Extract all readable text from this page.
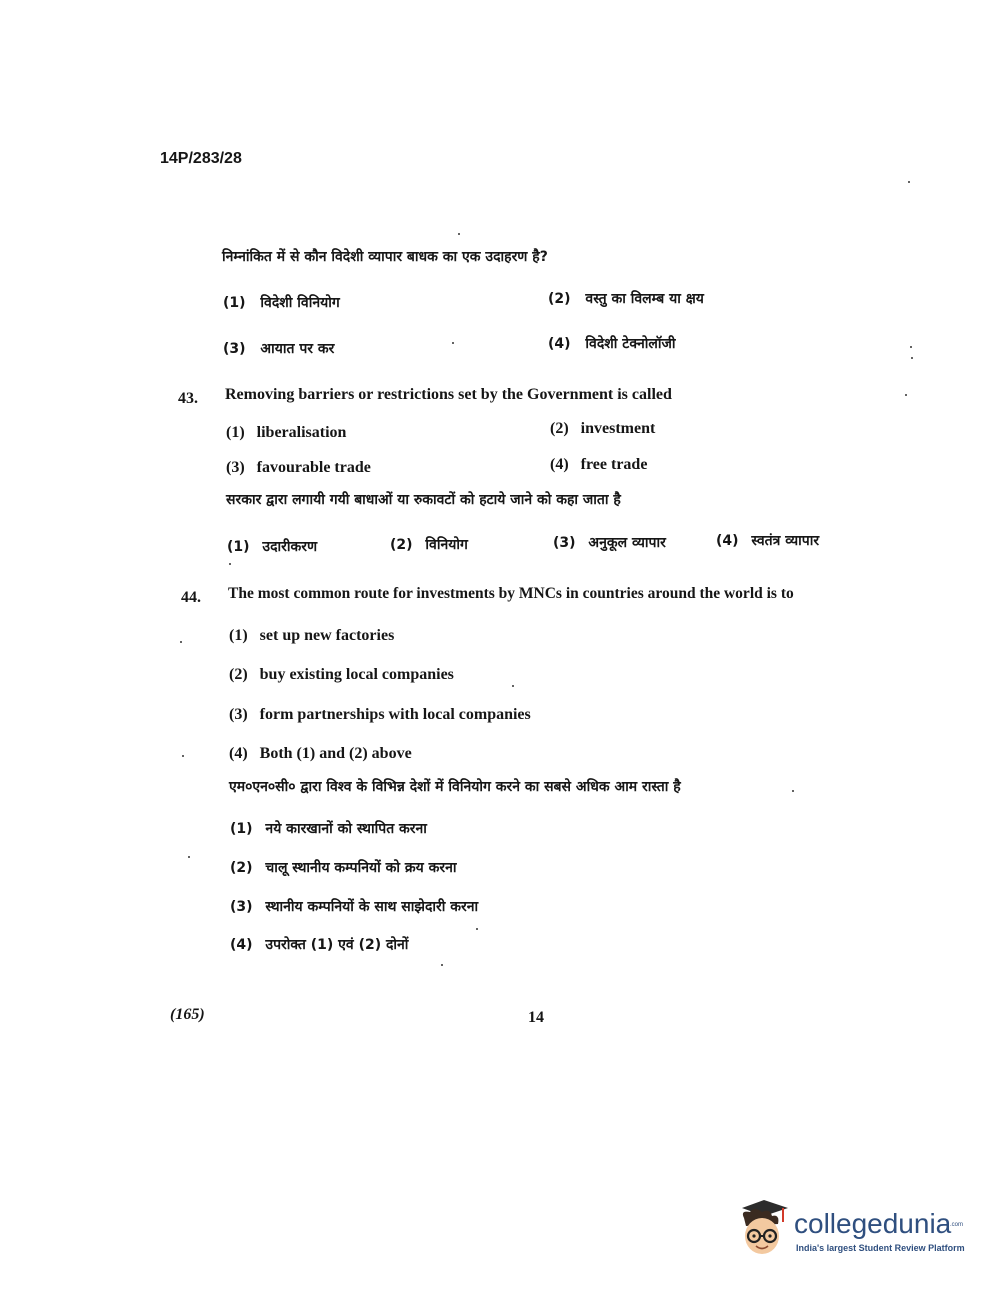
14P/283/28
निम्नांकित में से कौन विदेशी व्यापार बाधक का एक उदाहरण है?
(1) विदेशी विनियोग	(2) वस्तु का विलम्ब या क्षय
(3) आयात पर कर	(4) विदेशी टेक्नोलॉजी
43. Removing barriers or restrictions set by the Government is called
(1) liberalisation	(2) investment
(3) favourable trade	(4) free trade
सरकार द्वारा लगायी गयी बाधाओं या रुकावटों को हटाये जाने को कहा जाता है
(1) उदारीकरण	(2) विनियोग	(3) अनुकूल व्यापार	(4) स्वतंत्र व्यापार
44. The most common route for investments by MNCs in countries around the world is to
(1) set up new factories
(2) buy existing local companies
(3) form partnerships with local companies
(4) Both (1) and (2) above
एम०एन०सी० द्वारा विश्व के विभिन्न देशों में विनियोग करने का सबसे अधिक आम रास्ता है
(1) नये कारखानों को स्थापित करना
(2) चालू स्थानीय कम्पनियों को क्रय करना
(3) स्थानीय कम्पनियों के साथ साझेदारी करना
(4) उपरोक्त (1) एवं (2) दोनों
(165)	14
collegedunia
.com
India's largest Student Review Platform
